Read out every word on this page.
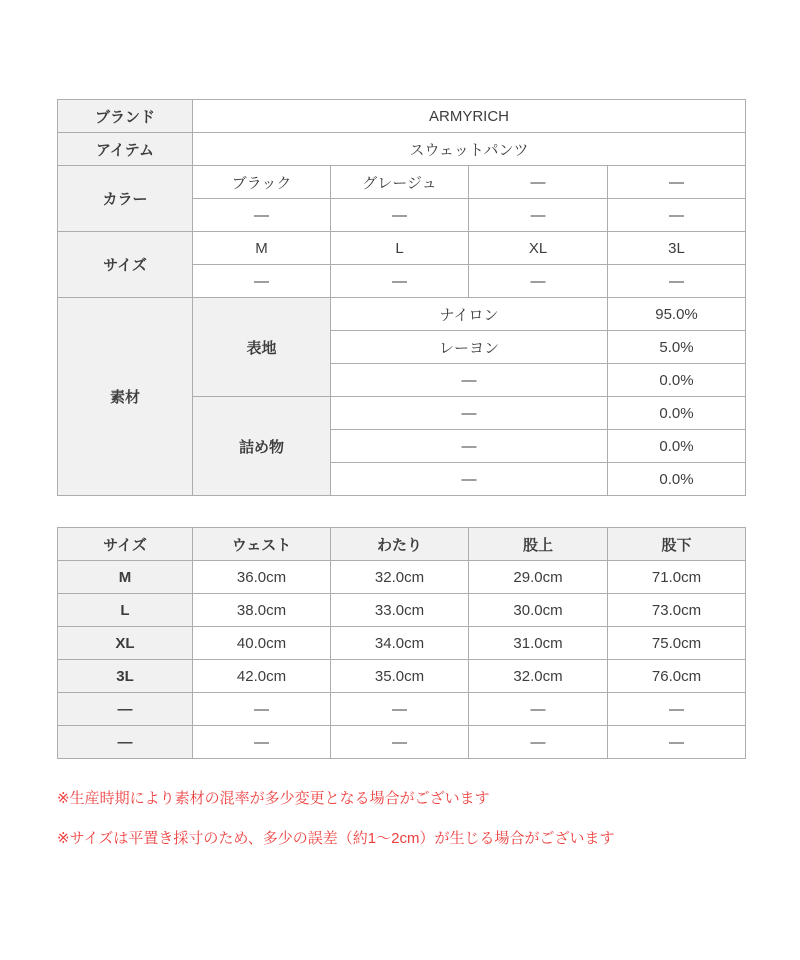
ブランド	ARMYRICH			
アイテム	スウェットパンツ			
カラー	ブラック	グレージュ	—	—
	—	—	—	—
サイズ	M	L	XL	3L
	—	—	—	—
素材	表地	ナイロン		95.0%
		レーヨン		5.0%
		—		0.0%
	詰め物	—		0.0%
		—		0.0%
		—		0.0%
サイズ	ウェスト	わたり	股上	股下
M	36.0cm	32.0cm	29.0cm	71.0cm
L	38.0cm	33.0cm	30.0cm	73.0cm
XL	40.0cm	34.0cm	31.0cm	75.0cm
3L	42.0cm	35.0cm	32.0cm	76.0cm
—	—	—	—	—
—	—	—	—	—

※生産時期により素材の混率が多少変更となる場合がございます

※サイズは平置き採寸のため、多少の誤差（約1〜2cm）が生じる場合がございます
